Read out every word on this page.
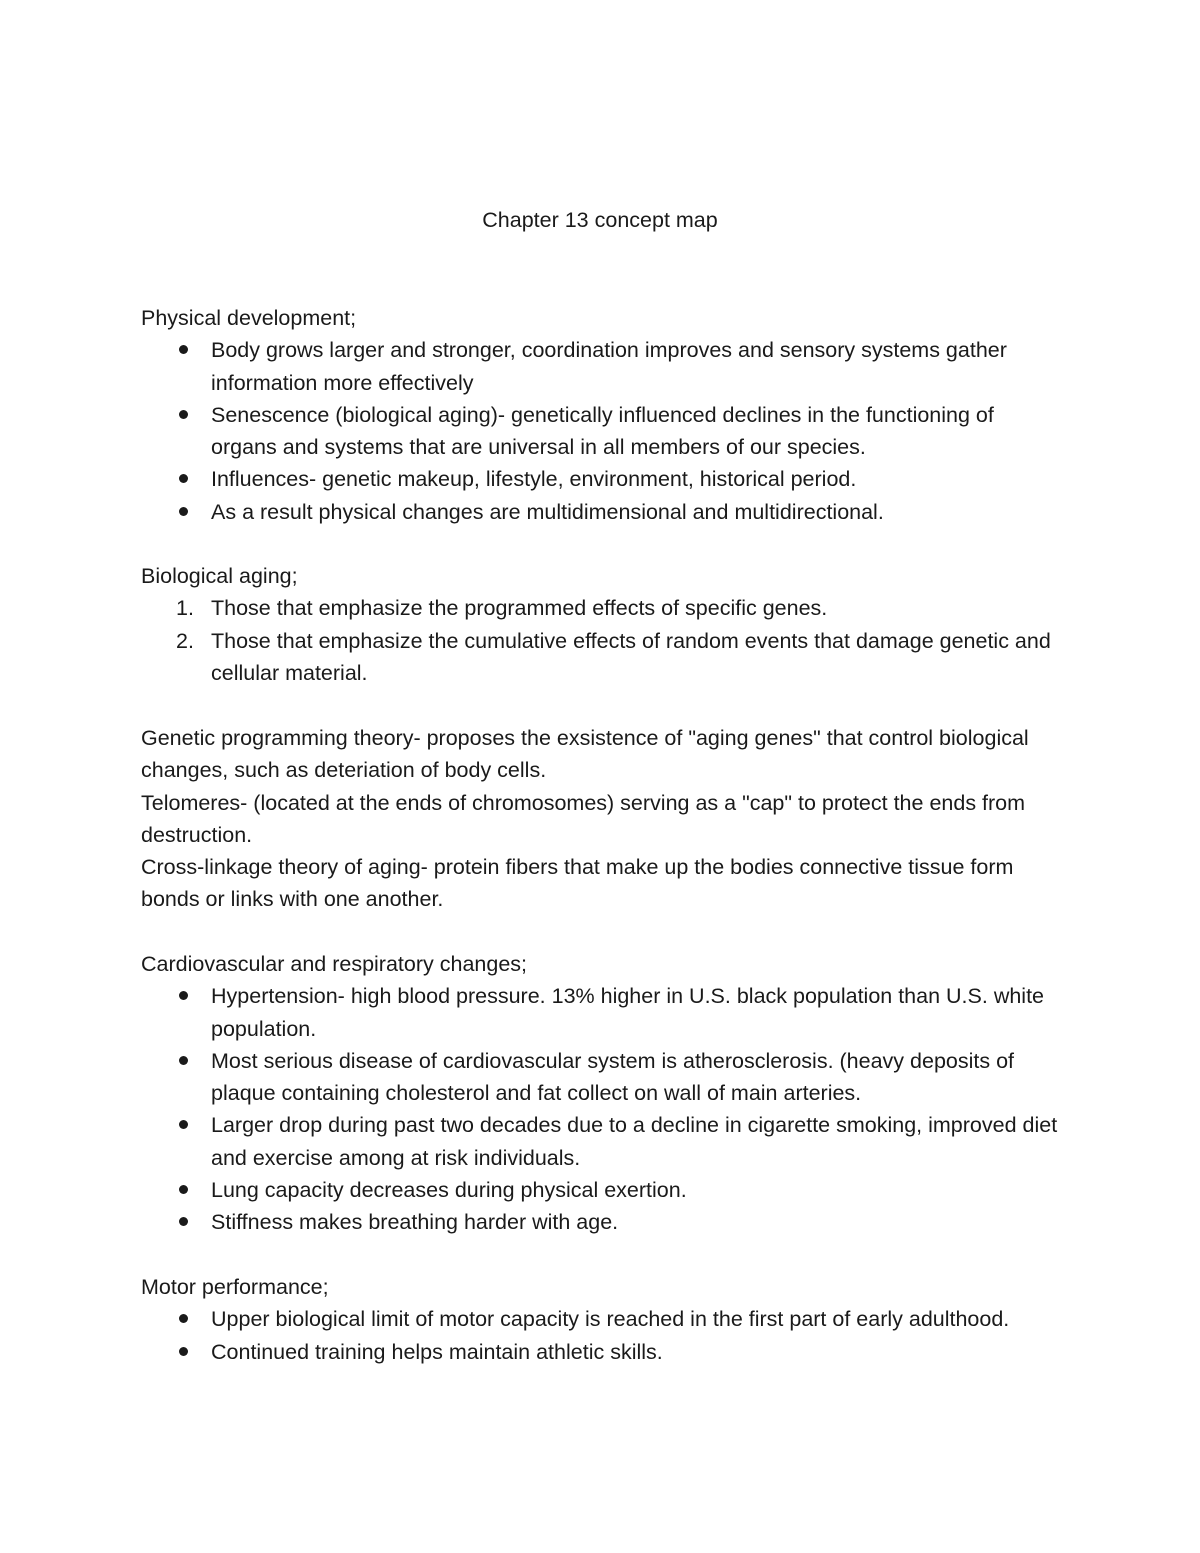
Chapter 13 concept map

Physical development;

Body grows larger and stronger, coordination improves and sensory systems gather information more effectively
Senescence (biological aging)- genetically influenced declines in the functioning of organs and systems that are universal in all members of our species.
Influences- genetic makeup, lifestyle, environment, historical period.
As a result physical changes are multidimensional and multidirectional.

Biological aging;

1. Those that emphasize the programmed effects of specific genes.
2. Those that emphasize the cumulative effects of random events that damage genetic and cellular material.

Genetic programming theory- proposes the exsistence of "aging genes" that control biological changes, such as deteriation of body cells.

Telomeres- (located at the ends of chromosomes) serving as a "cap" to protect the ends from destruction.

Cross-linkage theory of aging- protein fibers that make up the bodies connective tissue form bonds or links with one another.

Cardiovascular and respiratory changes;

Hypertension- high blood pressure. 13% higher in U.S. black population than U.S. white population.
Most serious disease of cardiovascular system is atherosclerosis. (heavy deposits of plaque containing cholesterol and fat collect on wall of main arteries.
Larger drop during past two decades due to a decline in cigarette smoking, improved diet and exercise among at risk individuals.
Lung capacity decreases during physical exertion.
Stiffness makes breathing harder with age.

Motor performance;

Upper biological limit of motor capacity is reached in the first part of early adulthood.
Continued training helps maintain athletic skills.
